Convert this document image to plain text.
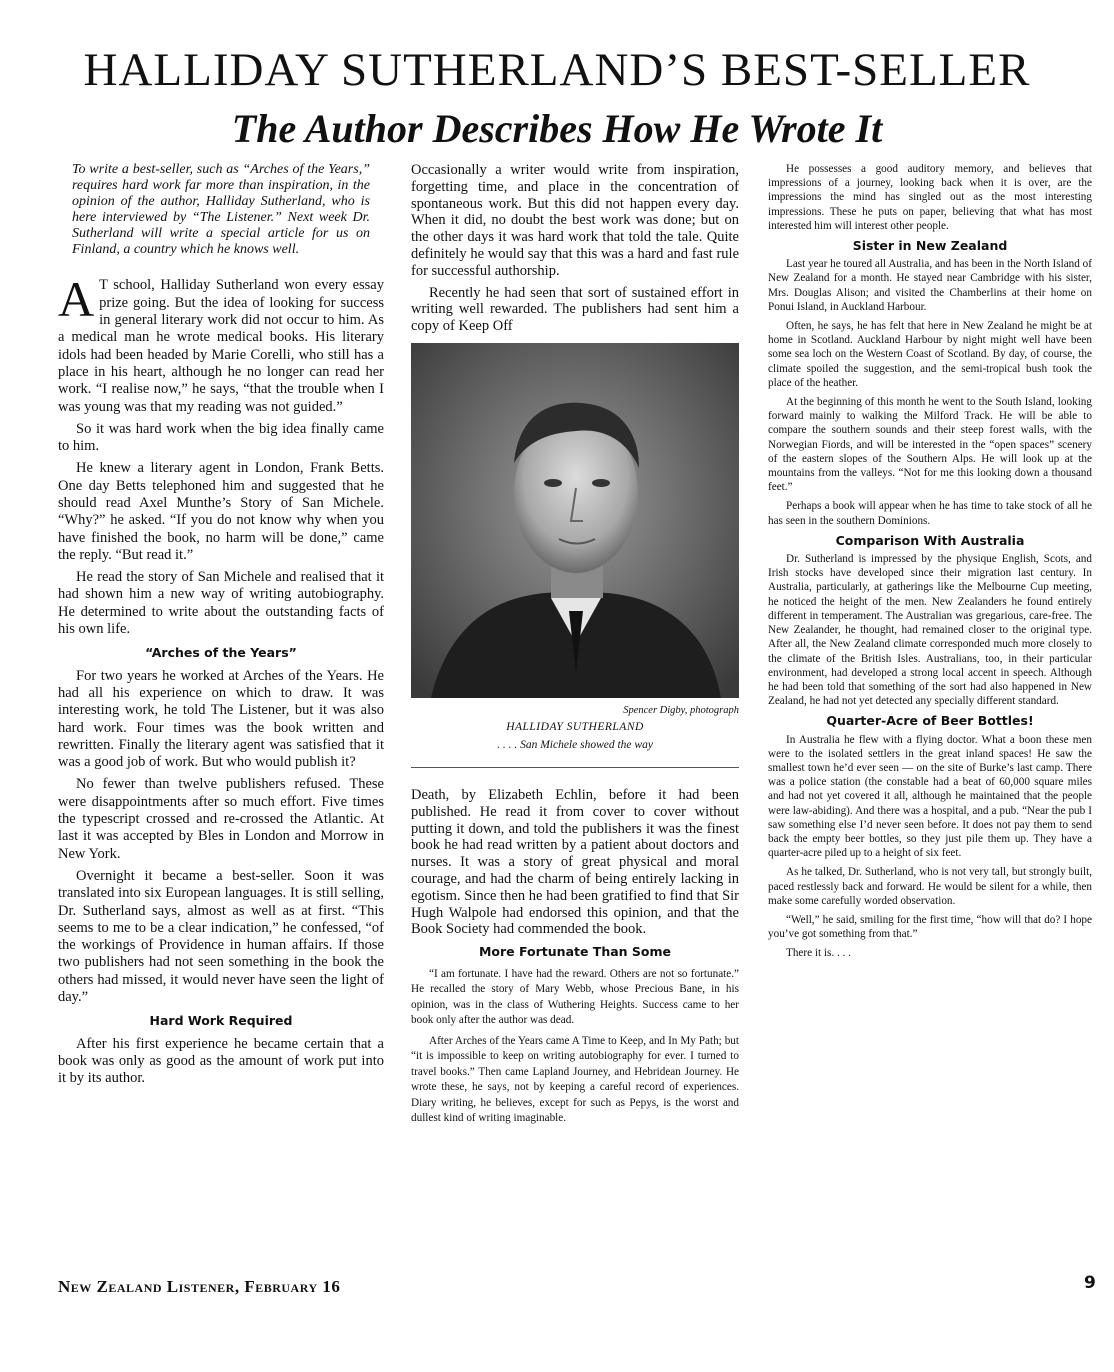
HALLIDAY SUTHERLAND’S BEST-SELLER
The Author Describes How He Wrote It
To write a best-seller, such as “Arches of the Years,” requires hard work far more than inspiration, in the opinion of the author, Halliday Sutherland, who is here interviewed by “The Listener.” Next week Dr. Sutherland will write a special article for us on Finland, a country which he knows well.

A T school, Halliday Sutherland won every essay prize going. But the idea of looking for success in general literary work did not occur to him. As a medical man he wrote medical books. His literary idols had been headed by Marie Corelli, who still has a place in his heart, although he no longer can read her work. “I realise now,” he says, “that the trouble when I was young was that my reading was not guided.”

So it was hard work when the big idea finally came to him.

He knew a literary agent in London, Frank Betts. One day Betts telephoned him and suggested that he should read Axel Munthe’s Story of San Michele. “Why?” he asked. “If you do not know why when you have finished the book, no harm will be done,” came the reply. “But read it.”

He read the story of San Michele and realised that it had shown him a new way of writing autobiography. He determined to write about the outstanding facts of his own life.

“Arches of the Years”

For two years he worked at Arches of the Years. He had all his experience on which to draw. It was interesting work, he told The Listener, but it was also hard work. Four times was the book written and rewritten. Finally the literary agent was satisfied that it was a good job of work. But who would publish it?

No fewer than twelve publishers refused. These were disappointments after so much effort. Five times the typescript crossed and re-crossed the Atlantic. At last it was accepted by Bles in London and Morrow in New York.

Overnight it became a best-seller. Soon it was translated into six European languages. It is still selling, Dr. Sutherland says, almost as well as at first. “This seems to me to be a clear indication,” he confessed, “of the workings of Providence in human affairs. If those two publishers had not seen something in the book the others had missed, it would never have seen the light of day.”

Hard Work Required

After his first experience he became certain that a book was only as good as the amount of work put into it by its author.

Occasionally a writer would write from inspiration, forgetting time, and place in the concentration of spontaneous work. But this did not happen every day. When it did, no doubt the best work was done; but on the other days it was hard work that told the tale. Quite definitely he would say that this was a hard and fast rule for successful authorship.

Recently he had seen that sort of sustained effort in writing well rewarded. The publishers had sent him a copy of Keep Off

Spencer Digby, photograph
HALLIDAY SUTHERLAND
. . . . San Michele showed the way

Death, by Elizabeth Echlin, before it had been published. He read it from cover to cover without putting it down, and told the publishers it was the finest book he had read written by a patient about doctors and nurses. It was a story of great physical and moral courage, and had the charm of being entirely lacking in egotism. Since then he had been gratified to find that Sir Hugh Walpole had endorsed this opinion, and that the Book Society had commended the book.

More Fortunate Than Some

“I am fortunate. I have had the reward. Others are not so fortunate.” He recalled the story of Mary Webb, whose Precious Bane, in his opinion, was in the class of Wuthering Heights. Success came to her book only after the author was dead.

After Arches of the Years came A Time to Keep, and In My Path; but “it is impossible to keep on writing autobiography for ever. I turned to travel books.” Then came Lapland Journey, and Hebridean Journey. He wrote these, he says, not by keeping a careful record of experiences. Diary writing, he believes, except for such as Pepys, is the worst and dullest kind of writing imaginable.

He possesses a good auditory memory, and believes that impressions of a journey, looking back when it is over, are the impressions the mind has singled out as the most interesting impressions. These he puts on paper, believing that what has most interested him will interest other people.

Sister in New Zealand

Last year he toured all Australia, and has been in the North Island of New Zealand for a month. He stayed near Cambridge with his sister, Mrs. Douglas Alison; and visited the Chamberlins at their home on Ponui Island, in Auckland Harbour.

Often, he says, he has felt that here in New Zealand he might be at home in Scotland. Auckland Harbour by night might well have been some sea loch on the Western Coast of Scotland. By day, of course, the climate spoiled the suggestion, and the semi-tropical bush took the place of the heather.

At the beginning of this month he went to the South Island, looking forward mainly to walking the Milford Track. He will be able to compare the southern sounds and their steep forest walls, with the Norwegian Fiords, and will be interested in the “open spaces” scenery of the eastern slopes of the Southern Alps. He will look up at the mountains from the valleys. “Not for me this looking down a thousand feet.”

Perhaps a book will appear when he has time to take stock of all he has seen in the southern Dominions.

Comparison With Australia

Dr. Sutherland is impressed by the physique English, Scots, and Irish stocks have developed since their migration last century. In Australia, particularly, at gatherings like the Melbourne Cup meeting, he noticed the height of the men. New Zealanders he found entirely different in temperament. The Australian was gregarious, care-free. The New Zealander, he thought, had remained closer to the original type. After all, the New Zealand climate corresponded much more closely to the climate of the British Isles. Australians, too, in their particular environment, had developed a strong local accent in speech. Although he had been told that something of the sort had also happened in New Zealand, he had not yet detected any specially different standard.

Quarter-Acre of Beer Bottles!

In Australia he flew with a flying doctor. What a boon these men were to the isolated settlers in the great inland spaces! He saw the smallest town he’d ever seen — on the site of Burke’s last camp. There was a police station (the constable had a beat of 60,000 square miles and had not yet covered it all, although he maintained that the people were law-abiding). And there was a hospital, and a pub. “Near the pub I saw something else I’d never seen before. It does not pay them to send back the empty beer bottles, so they just pile them up. They have a quarter-acre piled up to a height of six feet.

As he talked, Dr. Sutherland, who is not very tall, but strongly built, paced restlessly back and forward. He would be silent for a while, then make some carefully worded observation.

“Well,” he said, smiling for the first time, “how will that do? I hope you’ve got something from that.”

There it is. . . .

New Zealand Listener, February 16	9
